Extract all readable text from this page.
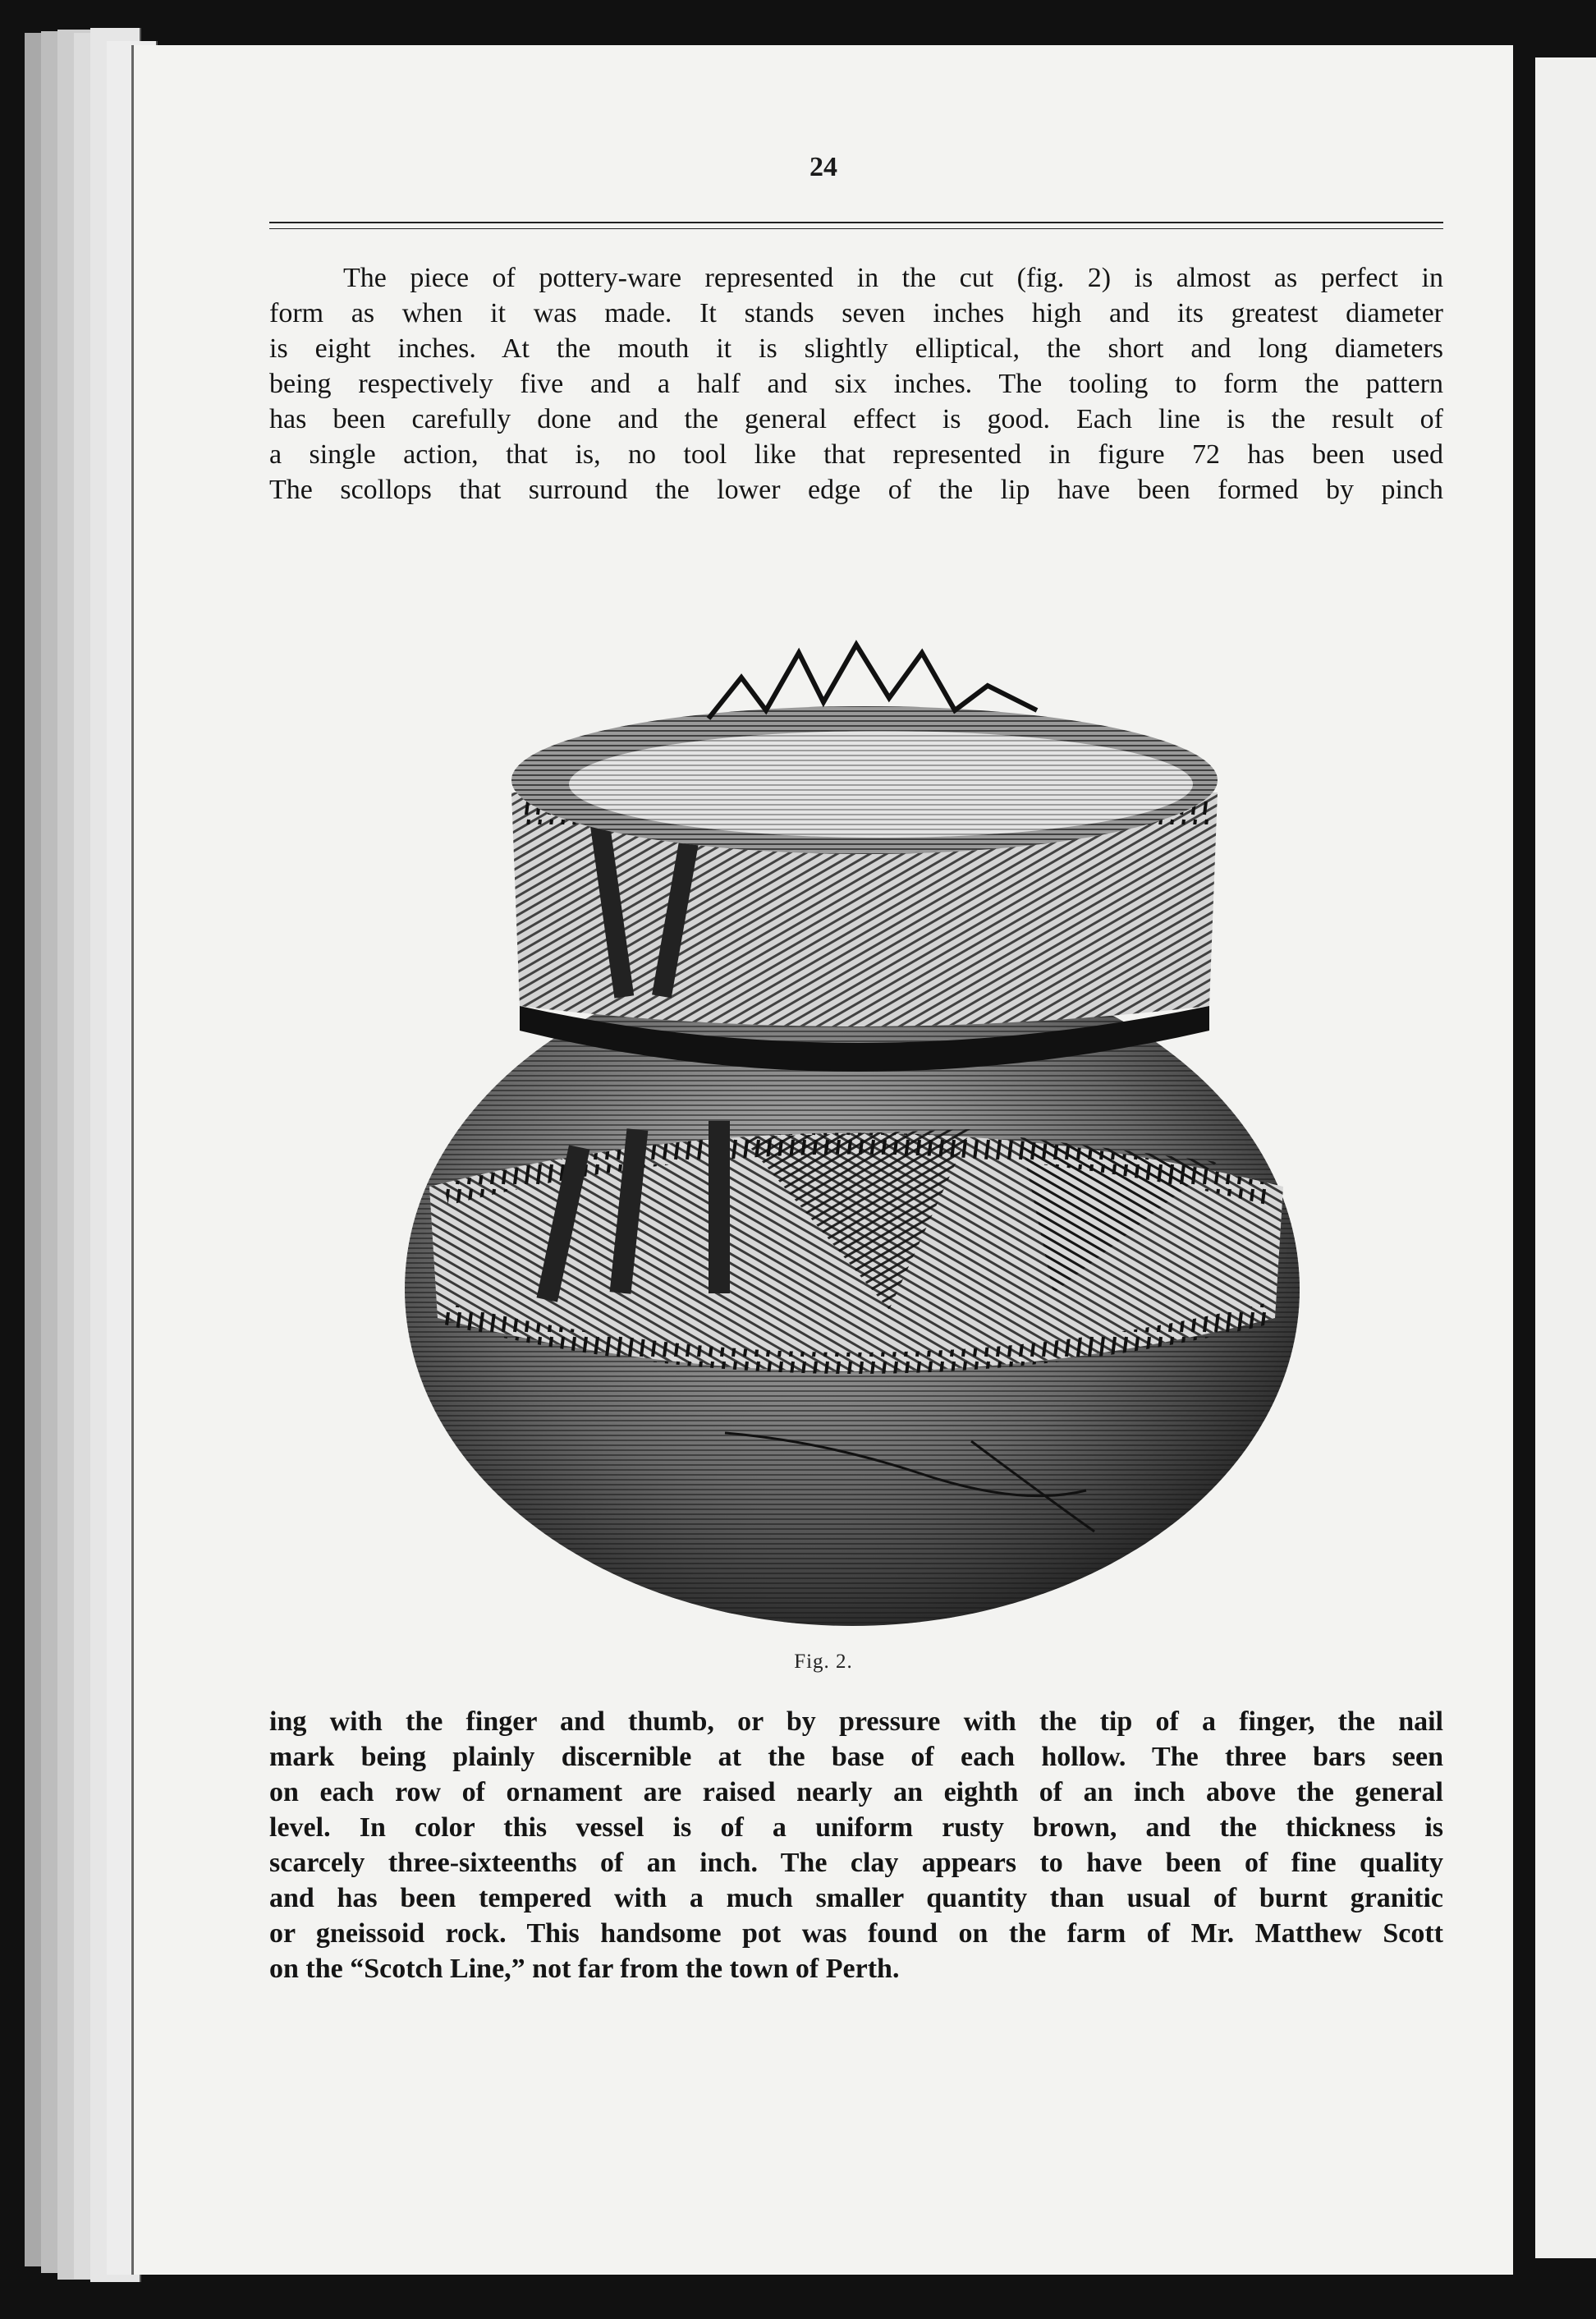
24
The piece of pottery-ware represented in the cut (fig. 2) is almost as perfect in
form as when it was made. It stands seven inches high and its greatest diameter
is eight inches. At the mouth it is slightly elliptical, the short and long diameters
being respectively five and a half and six inches. The tooling to form the pattern
has been carefully done and the general effect is good. Each line is the result of
a single action, that is, no tool like that represented in figure 72 has been used
The scollops that surround the lower edge of the lip have been formed by pinch
Fig. 2.
ing with the finger and thumb, or by pressure with the tip of a finger, the nail
mark being plainly discernible at the base of each hollow. The three bars seen
on each row of ornament are raised nearly an eighth of an inch above the general
level. In color this vessel is of a uniform rusty brown, and the thickness is
scarcely three-sixteenths of an inch. The clay appears to have been of fine quality
and has been tempered with a much smaller quantity than usual of burnt granitic
or gneissoid rock. This handsome pot was found on the farm of Mr. Matthew Scott
on the “Scotch Line,” not far from the town of Perth.
